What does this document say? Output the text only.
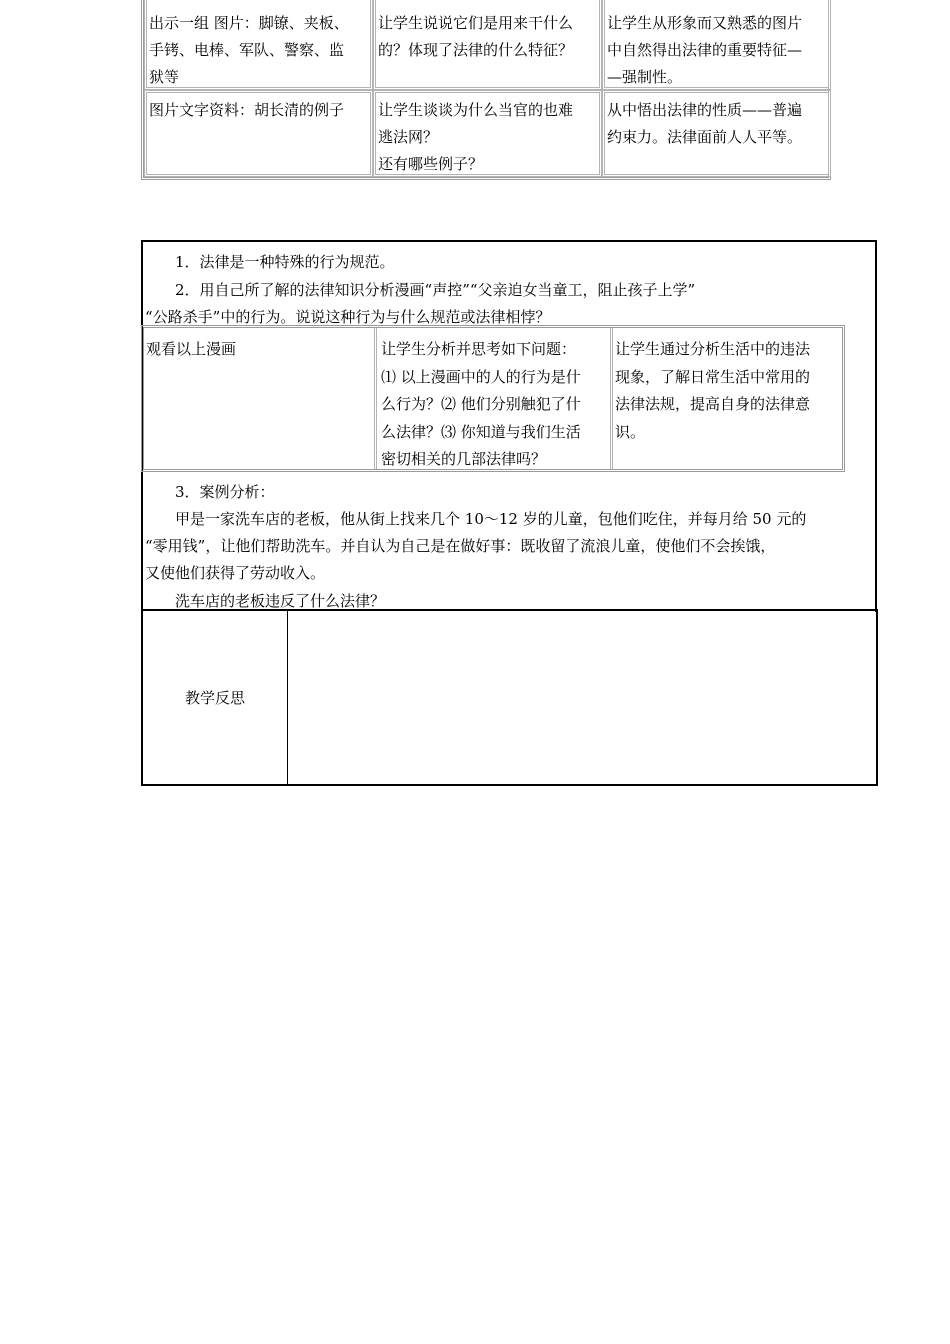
出示一组 图片：脚镣、夹板、
手铐、电棒、军队、警察、监
狱等
让学生说说它们是用来干什么
的？体现了法律的什么特征？
让学生从形象而又熟悉的图片
中自然得出法律的重要特征—
—强制性。
图片文字资料：胡长清的例子	让学生谈谈为什么当官的也难
逃法网？
还有哪些例子？
从中悟出法律的性质——普遍
约束力。法律面前人人平等。
1．法律是一种特殊的行为规范。
2．用自己所了解的法律知识分析漫画“声控”“父亲迫女当童工，阻止孩子上学”
“公路杀手”中的行为。说说这种行为与什么规范或法律相悖？
观看以上漫画	让学生分析并思考如下问题：
⑴ 以上漫画中的人的行为是什
么行为？⑵ 他们分别触犯了什
么法律？⑶ 你知道与我们生活
密切相关的几部法律吗？
让学生通过分析生活中的违法
现象，了解日常生活中常用的
法律法规，提高自身的法律意
识。
3．案例分析：
甲是一家洗车店的老板，他从街上找来几个 10～12 岁的儿童，包他们吃住，并每月给 50 元的
“零用钱”，让他们帮助洗车。并自认为自己是在做好事：既收留了流浪儿童，使他们不会挨饿，
又使他们获得了劳动收入。
洗车店的老板违反了什么法律？
教学反思
